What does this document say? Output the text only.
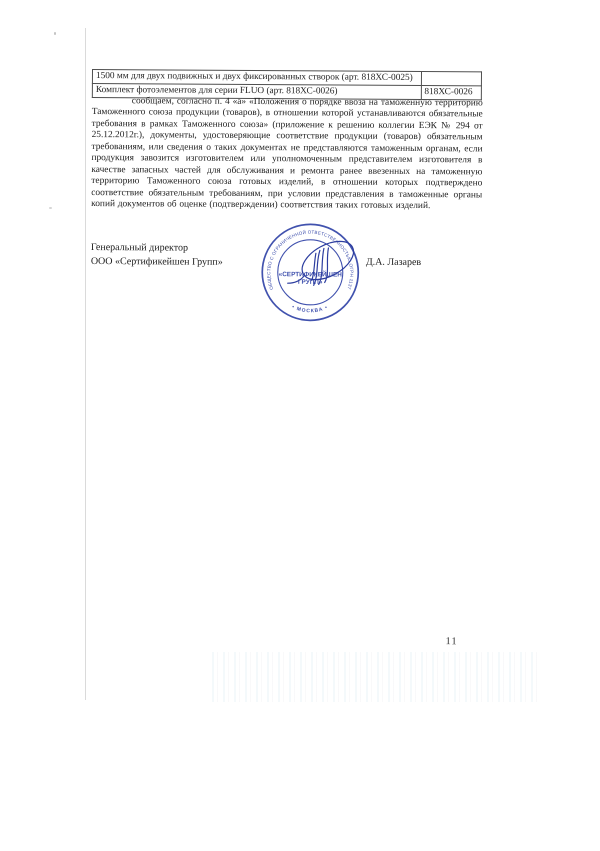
1500 мм для двух подвижных и двух фиксированных створок (арт. 818ХС-0025)	
Комплект фотоэлементов для серии FLUO (арт. 818ХС-0026)	818ХС-0026

сообщаем, согласно п. 4 «а» «Положения о порядке ввоза на таможенную территорию Таможенного союза продукции (товаров), в отношении которой устанавливаются обязательные требования в рамках Таможенного союза» (приложение к решению коллегии ЕЭК № 294 от 25.12.2012г.), документы, удостоверяющие соответствие продукции (товаров) обязательным требованиям, или сведения о таких документах не представляются таможенным органам, если продукция завозится изготовителем или уполномоченным представителем изготовителя в качестве запасных частей для обслуживания и ремонта ранее ввезенных на таможенную территорию Таможенного союза готовых изделий, в отношении которых подтверждено соответствие обязательным требованиям, при условии представления в таможенные органы копий документов об оценке (подтверждении) соответствия таких готовых изделий.

Генеральный директор
ООО «Сертификейшен Групп»	Д.А. Лазарев
ОБЩЕСТВО С ОГРАНИЧЕННОЙ ОТВЕТСТВЕННОСТЬЮ ОГРН 11377465613
• МОСКВА •
«СЕРТИФИКЕЙШЕН
ГРУПП»
11
